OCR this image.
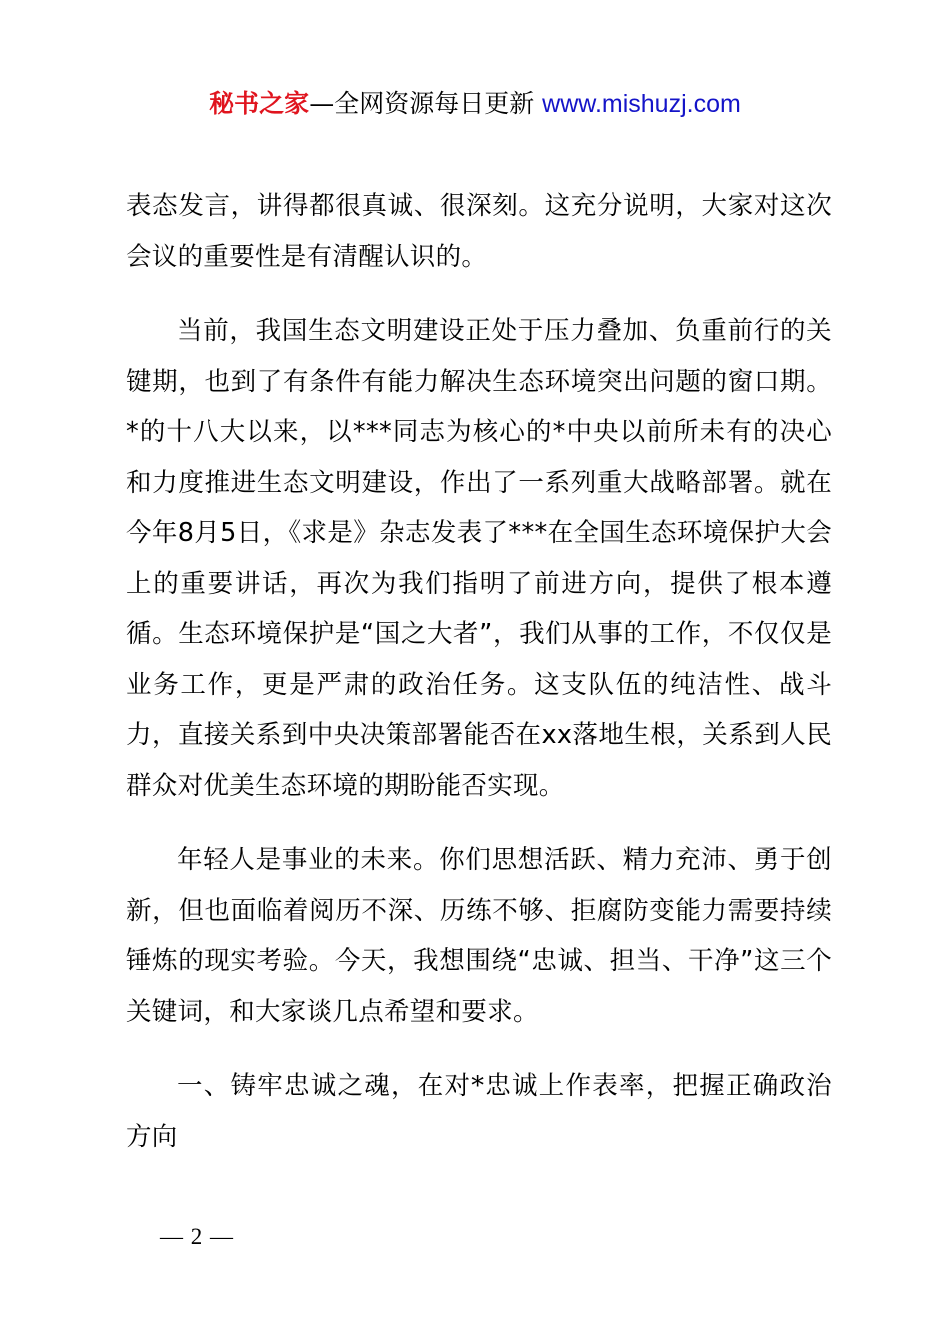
秘书之家—全网资源每日更新 www.mishuzj.com

表态发言，讲得都很真诚、很深刻。这充分说明，大家对这次会议的重要性是有清醒认识的。

当前，我国生态文明建设正处于压力叠加、负重前行的关键期，也到了有条件有能力解决生态环境突出问题的窗口期。*的十八大以来，以***同志为核心的*中央以前所未有的决心和力度推进生态文明建设，作出了一系列重大战略部署。就在今年8月5日，《求是》杂志发表了***在全国生态环境保护大会上的重要讲话，再次为我们指明了前进方向，提供了根本遵循。生态环境保护是“国之大者”，我们从事的工作，不仅仅是业务工作，更是严肃的政治任务。这支队伍的纯洁性、战斗力，直接关系到中央决策部署能否在xx落地生根，关系到人民群众对优美生态环境的期盼能否实现。

年轻人是事业的未来。你们思想活跃、精力充沛、勇于创新，但也面临着阅历不深、历练不够、拒腐防变能力需要持续锤炼的现实考验。今天，我想围绕“忠诚、担当、干净”这三个关键词，和大家谈几点希望和要求。

一、铸牢忠诚之魂，在对*忠诚上作表率，把握正确政治方向

— 2 —
